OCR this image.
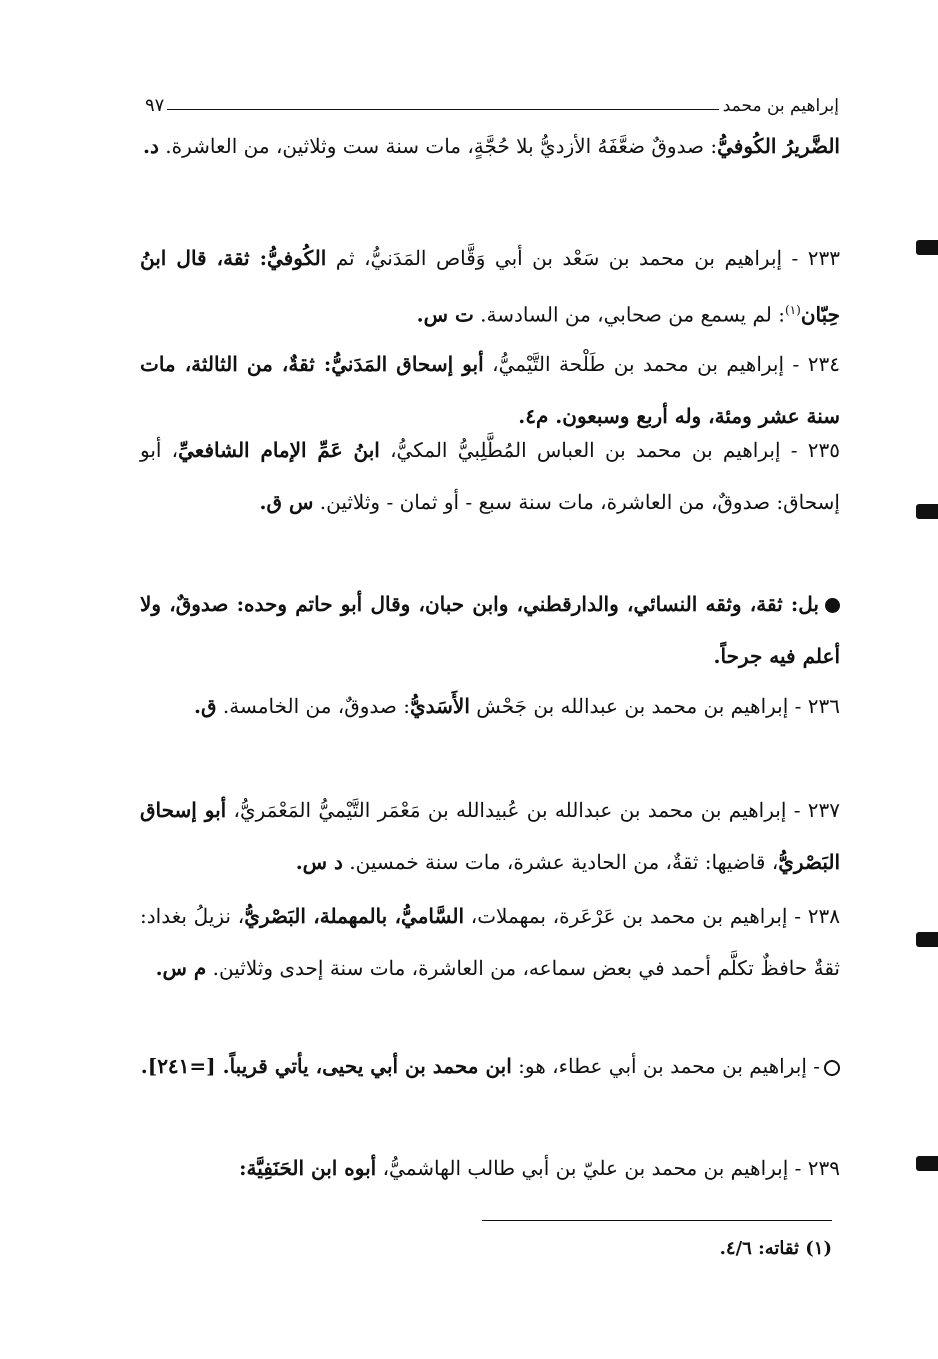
إبراهيم بن محمد
٩٧

الضَّريرُ الكُوفيُّ: صدوقٌ ضعَّفَهُ الأزديُّ بلا حُجَّةٍ، مات سنة ست وثلاثين، من العاشرة. د.

٢٣٣ - إبراهيم بن محمد بن سَعْد بن أبي وَقَّاص المَدَنيُّ، ثم الكُوفيُّ: ثقة، قال ابنُ حِبّان$^{(١)}$: لم يسمع من صحابي، من السادسة. ت س.

٢٣٤ - إبراهيم بن محمد بن طَلْحة التَّيْميُّ، أبو إسحاق المَدَنيُّ: ثقةٌ، من الثالثة، مات سنة عشر ومئة، وله أربع وسبعون. م٤.

٢٣٥ - إبراهيم بن محمد بن العباس المُطَّلِبيُّ المكيُّ، ابنُ عَمِّ الإمام الشافعيِّ، أبو إسحاق: صدوقٌ، من العاشرة، مات سنة سبع - أو ثمان - وثلاثين. س ق.

بل: ثقة، وثقه النسائي، والدارقطني، وابن حبان، وقال أبو حاتم وحده: صدوقٌ، ولا أعلم فيه جرحاً.

٢٣٦ - إبراهيم بن محمد بن عبدالله بن جَحْش الأَسَديُّ: صدوقٌ، من الخامسة. ق.

٢٣٧ - إبراهيم بن محمد بن عبدالله بن عُبيدالله بن مَعْمَر التَّيْميُّ المَعْمَريُّ، أبو إسحاق البَصْريُّ، قاضيها: ثقةٌ، من الحادية عشرة، مات سنة خمسين. د س.

٢٣٨ - إبراهيم بن محمد بن عَرْعَرة، بمهملات، السَّاميُّ، بالمهملة، البَصْريُّ، نزيلُ بغداد: ثقةٌ حافظٌ تكلَّم أحمد في بعض سماعه، من العاشرة، مات سنة إحدى وثلاثين. م س.

- إبراهيم بن محمد بن أبي عطاء، هو: ابن محمد بن أبي يحيى، يأتي قريباً. [=٢٤١].

٢٣٩ - إبراهيم بن محمد بن عليّ بن أبي طالب الهاشميُّ، أبوه ابن الحَنَفِيَّة:

(١) ثقاته: ٤/٦.
